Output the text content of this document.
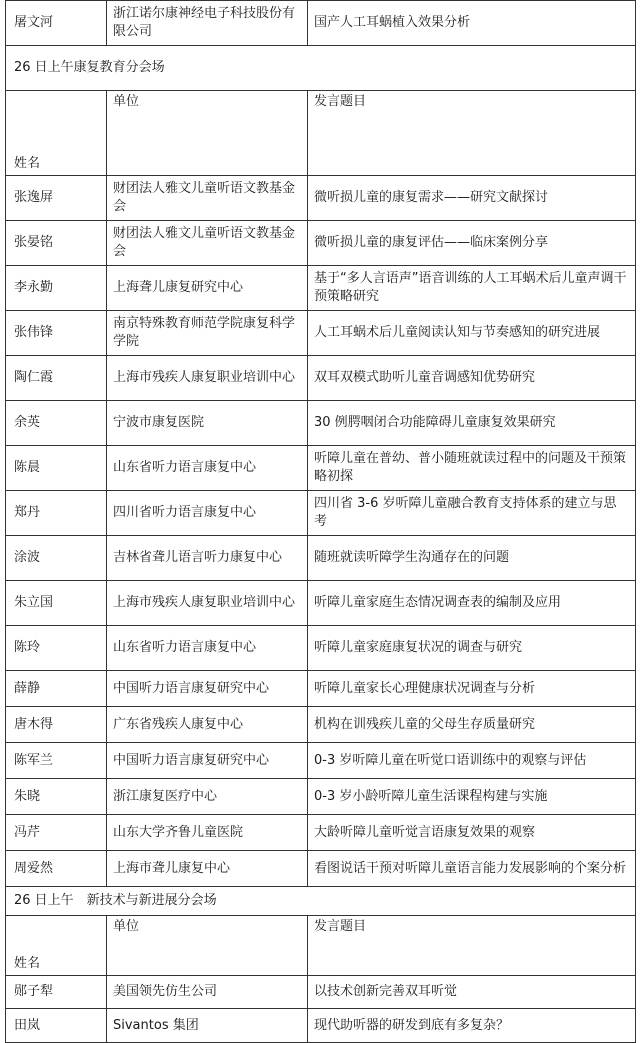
屠文河	浙江诺尔康神经电子科技股份有限公司	国产人工耳蜗植入效果分析
26 日上午康复教育分会场		
姓名	单位	发言题目
张逸屏	财团法人雅文儿童听语文教基金会	微听损儿童的康复需求——研究文献探讨
张晏铭	财团法人雅文儿童听语文教基金会	微听损儿童的康复评估——临床案例分享
李永勤	上海聋儿康复研究中心	基于“多人言语声”语音训练的人工耳蜗术后儿童声调干预策略研究
张伟锋	南京特殊教育师范学院康复科学学院	人工耳蜗术后儿童阅读认知与节奏感知的研究进展
陶仁霞	上海市残疾人康复职业培训中心	双耳双模式助听儿童音调感知优势研究
余英	宁波市康复医院	30 例腭咽闭合功能障碍儿童康复效果研究
陈晨	山东省听力语言康复中心	听障儿童在普幼、普小随班就读过程中的问题及干预策略初探
郑丹	四川省听力语言康复中心	四川省 3-6 岁听障儿童融合教育支持体系的建立与思考
涂波	吉林省聋儿语言听力康复中心	随班就读听障学生沟通存在的问题
朱立国	上海市残疾人康复职业培训中心	听障儿童家庭生态情况调查表的编制及应用
陈玲	山东省听力语言康复中心	听障儿童家庭康复状况的调查与研究
薛静	中国听力语言康复研究中心	听障儿童家长心理健康状况调查与分析
唐木得	广东省残疾人康复中心	机构在训残疾儿童的父母生存质量研究
陈军兰	中国听力语言康复研究中心	0-3 岁听障儿童在听觉口语训练中的观察与评估
朱晓	浙江康复医疗中心	0-3 岁小龄听障儿童生活课程构建与实施
冯芹	山东大学齐鲁儿童医院	大龄听障儿童听觉言语康复效果的观察
周爱然	上海市聋儿康复中心	看图说话干预对听障儿童语言能力发展影响的个案分析
26 日上午　新技术与新进展分会场		
姓名	单位	发言题目
郧子犁	美国领先仿生公司	以技术创新完善双耳听觉
田岚	Sivantos 集团	现代助听器的研发到底有多复杂？
